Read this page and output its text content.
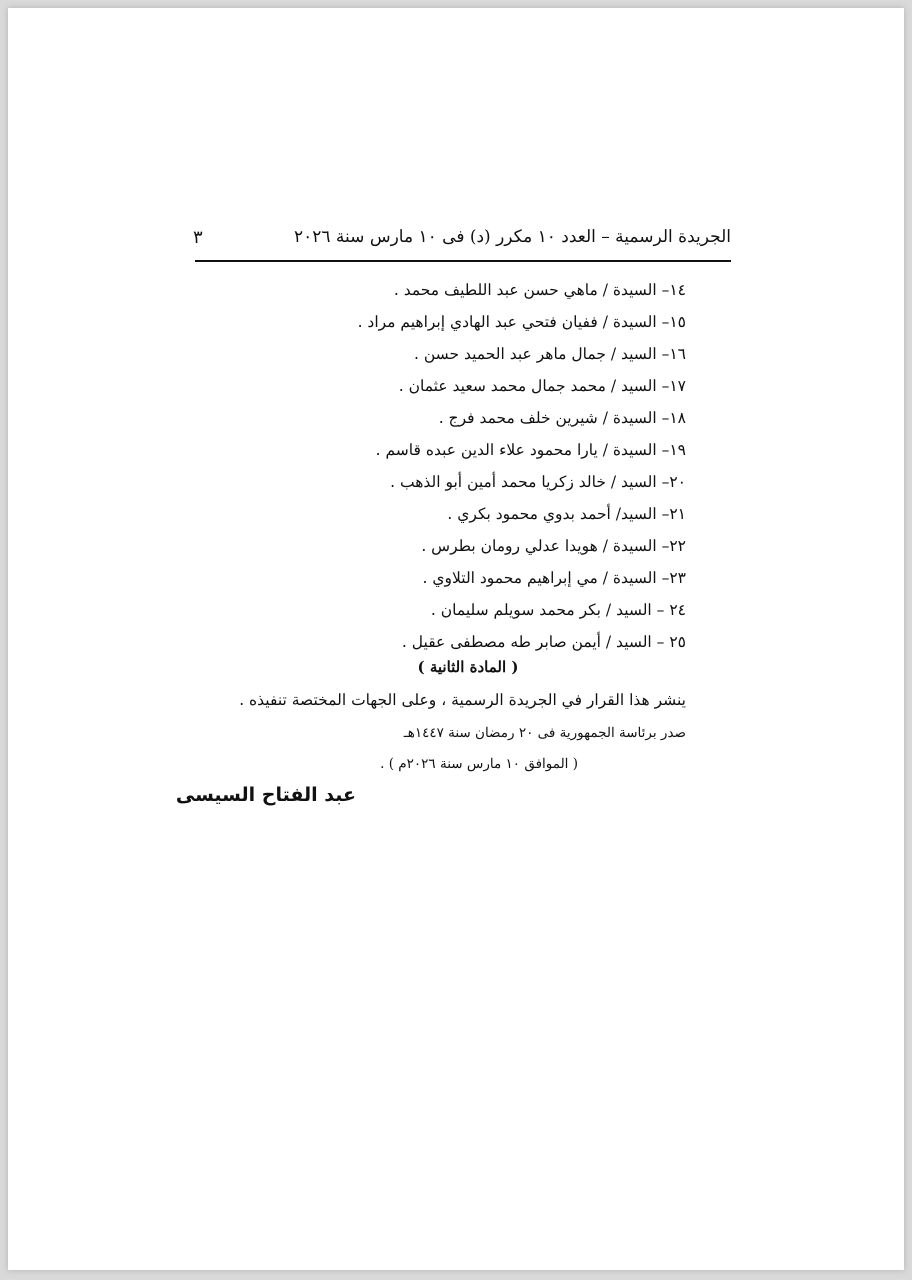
الجريدة الرسمية – العدد ١٠ مكرر (د) فى ١٠ مارس سنة ٢٠٢٦
٣
١٤– السيدة / ماهي حسن عبد اللطيف محمد .
١٥– السيدة / ففيان فتحي عبد الهادي إبراهيم مراد .
١٦– السيد / جمال ماهر عبد الحميد حسن .
١٧– السيد / محمد جمال محمد سعيد عثمان .
١٨– السيدة / شيرين خلف محمد فرج .
١٩– السيدة / يارا محمود علاء الدين عبده قاسم .
٢٠– السيد / خالد زكريا محمد أمين أبو الذهب .
٢١– السيد/ أحمد بدوي محمود بكري .
٢٢– السيدة / هويدا عدلي رومان بطرس .
٢٣– السيدة / مي إبراهيم محمود التلاوي .
٢٤ – السيد / بكر محمد سويلم سليمان .
٢٥ – السيد / أيمن صابر طه مصطفى عقيل .
( المادة الثانية )
ينشر هذا القرار في الجريدة الرسمية ، وعلى الجهات المختصة تنفيذه .
صدر برئاسة الجمهورية فى ٢٠ رمضان سنة ١٤٤٧هـ
( الموافق ١٠ مارس سنة ٢٠٢٦م ) .
عبد الفتاح السيسى
